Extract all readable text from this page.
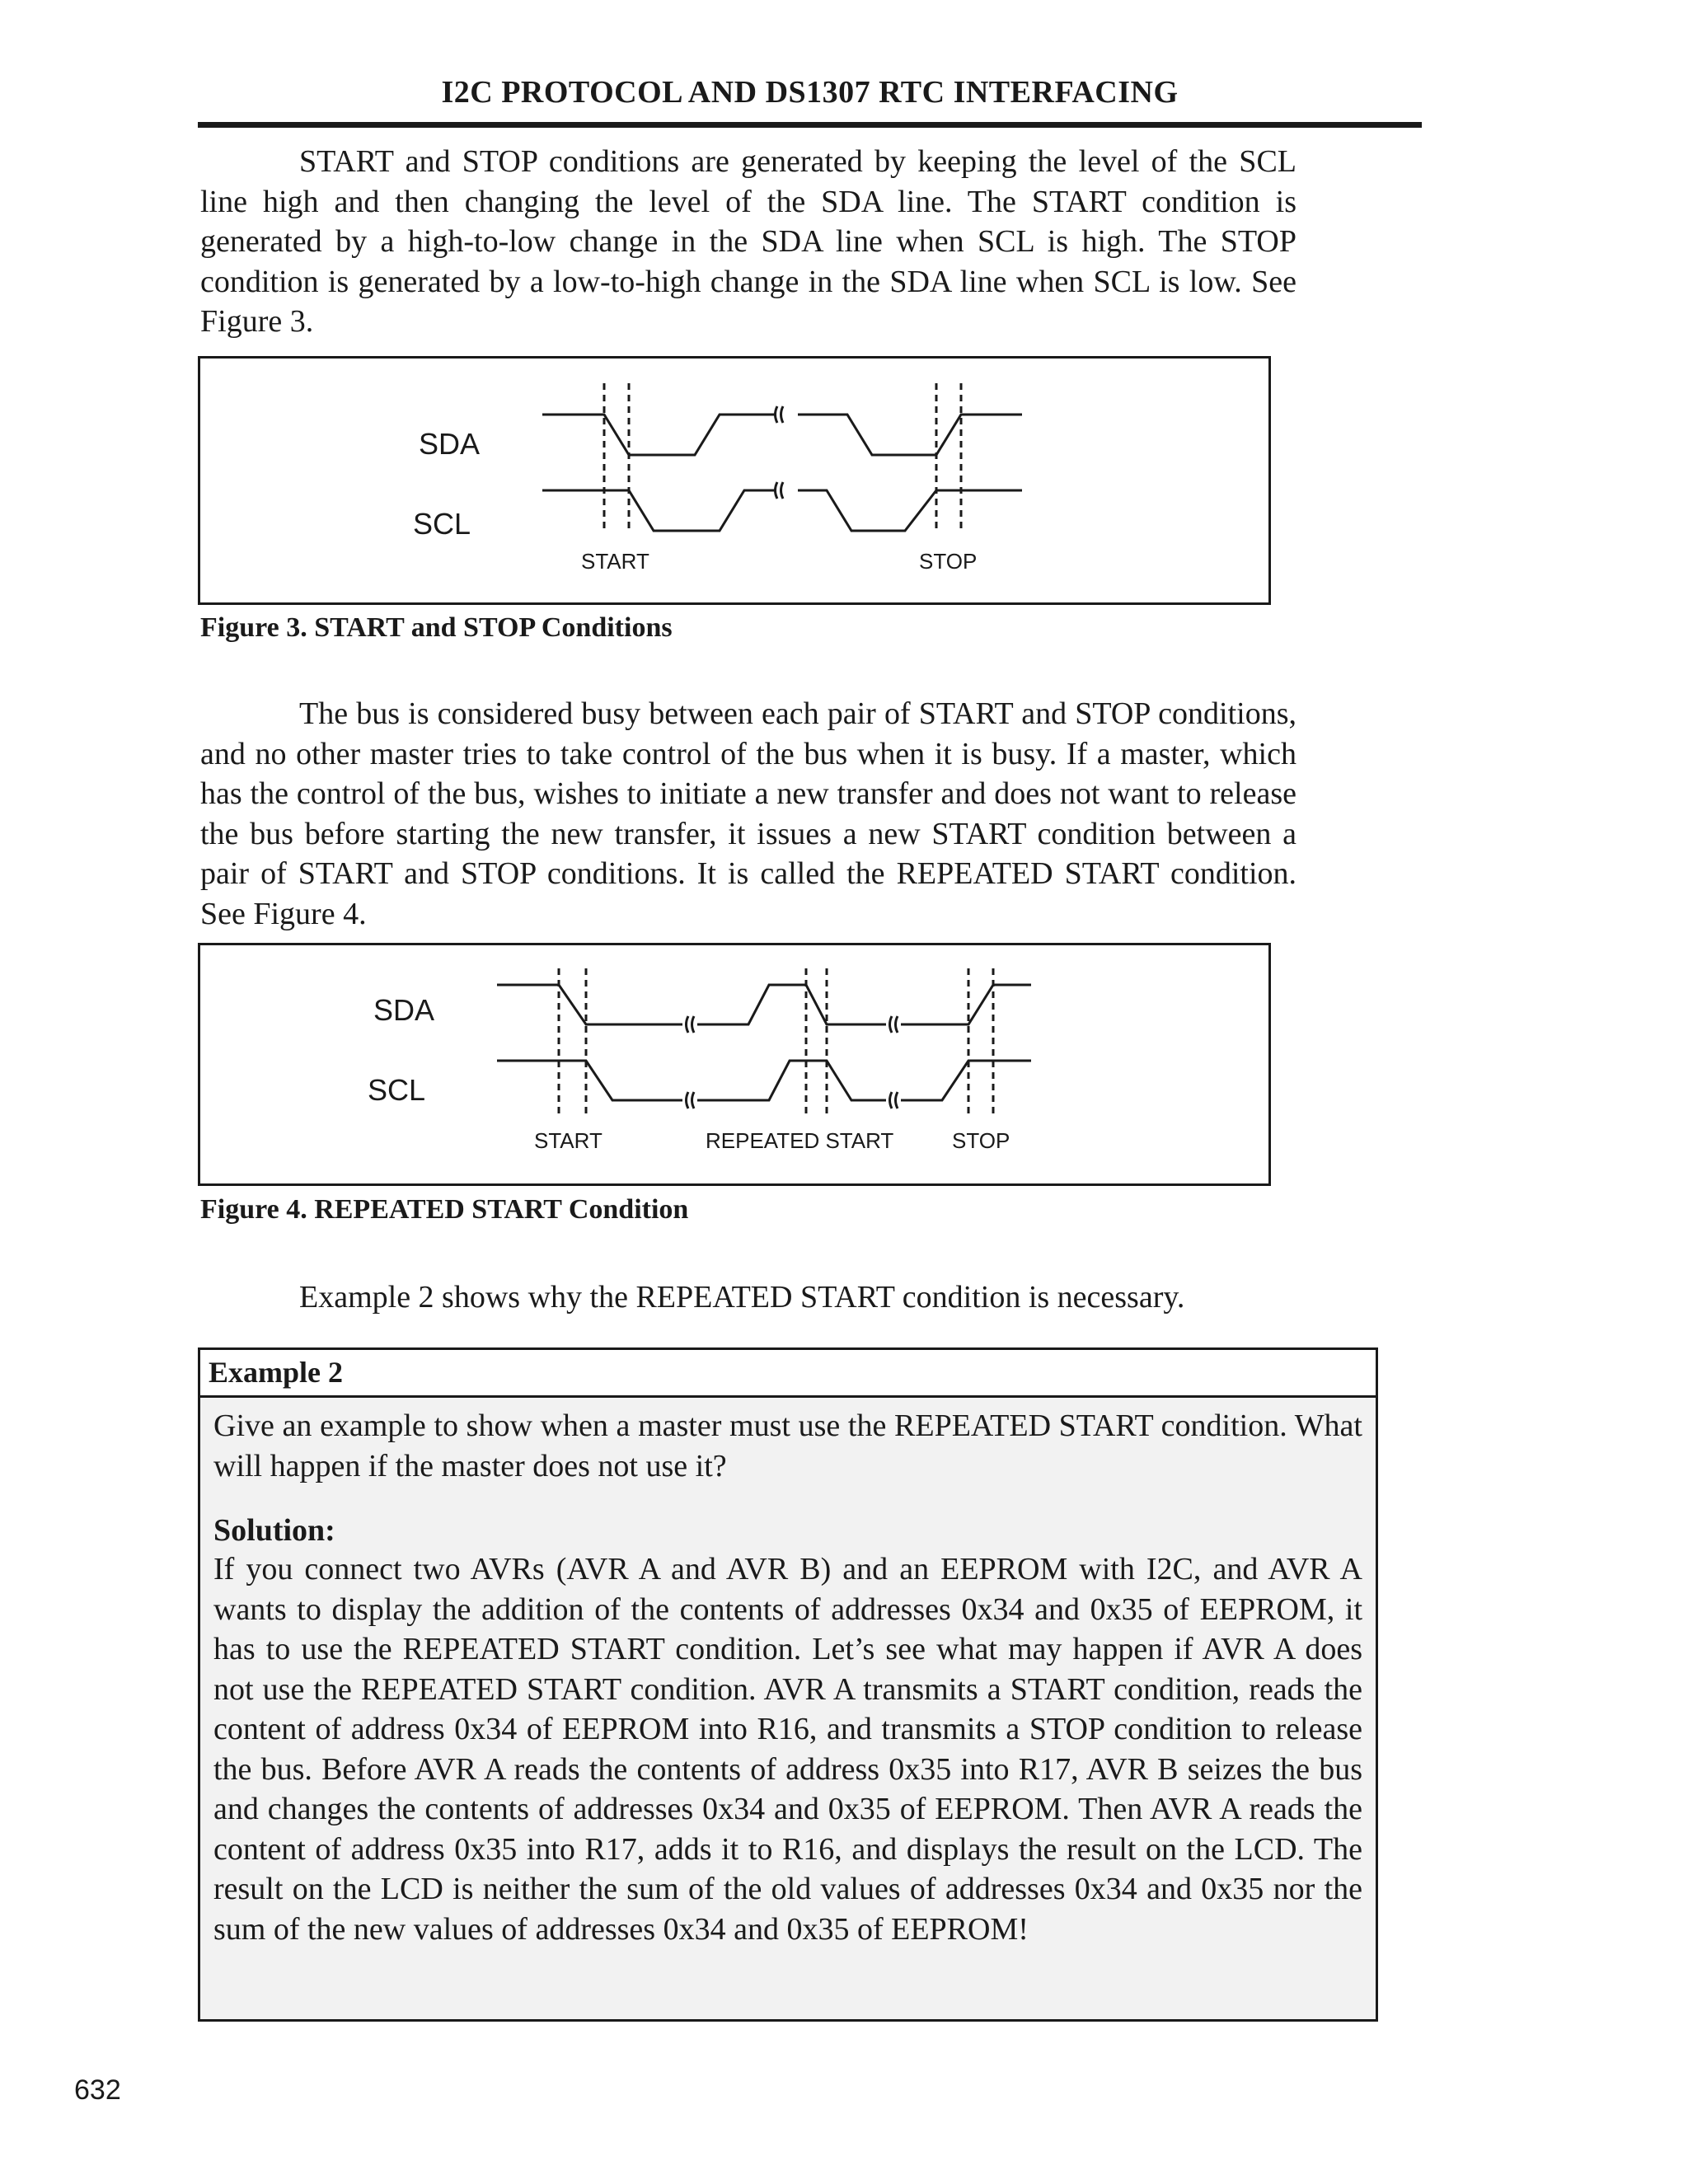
I2C PROTOCOL AND DS1307 RTC INTERFACING
START and STOP conditions are generated by keeping the level of the SCL line high and then changing the level of the SDA line. The START condition is generated by a high-to-low change in the SDA line when SCL is high. The STOP condition is generated by a low-to-high change in the SDA line when SCL is low. See Figure 3.
SDA
SCL
START	STOP
Figure 3. START and STOP Conditions
The bus is considered busy between each pair of START and STOP conditions, and no other master tries to take control of the bus when it is busy. If a master, which has the control of the bus, wishes to initiate a new transfer and does not want to release the bus before starting the new transfer, it issues a new START condition between a pair of START and STOP conditions. It is called the REPEATED START condition. See Figure 4.
SDA
SCL
START	REPEATED START	STOP
Figure 4. REPEATED START Condition
Example 2 shows why the REPEATED START condition is necessary.
Example 2
Give an example to show when a master must use the REPEATED START condition. What will happen if the master does not use it?
Solution:
If you connect two AVRs (AVR A and AVR B) and an EEPROM with I2C, and AVR A wants to display the addition of the contents of addresses 0x34 and 0x35 of EEPROM, it has to use the REPEATED START condition. Let’s see what may happen if AVR A does not use the REPEATED START condition. AVR A transmits a START condition, reads the content of address 0x34 of EEPROM into R16, and transmits a STOP condition to release the bus. Before AVR A reads the contents of address 0x35 into R17, AVR B seizes the bus and changes the contents of addresses 0x34 and 0x35 of EEPROM. Then AVR A reads the content of address 0x35 into R17, adds it to R16, and displays the result on the LCD. The result on the LCD is neither the sum of the old values of addresses 0x34 and 0x35 nor the sum of the new values of addresses 0x34 and 0x35 of EEPROM!
632
